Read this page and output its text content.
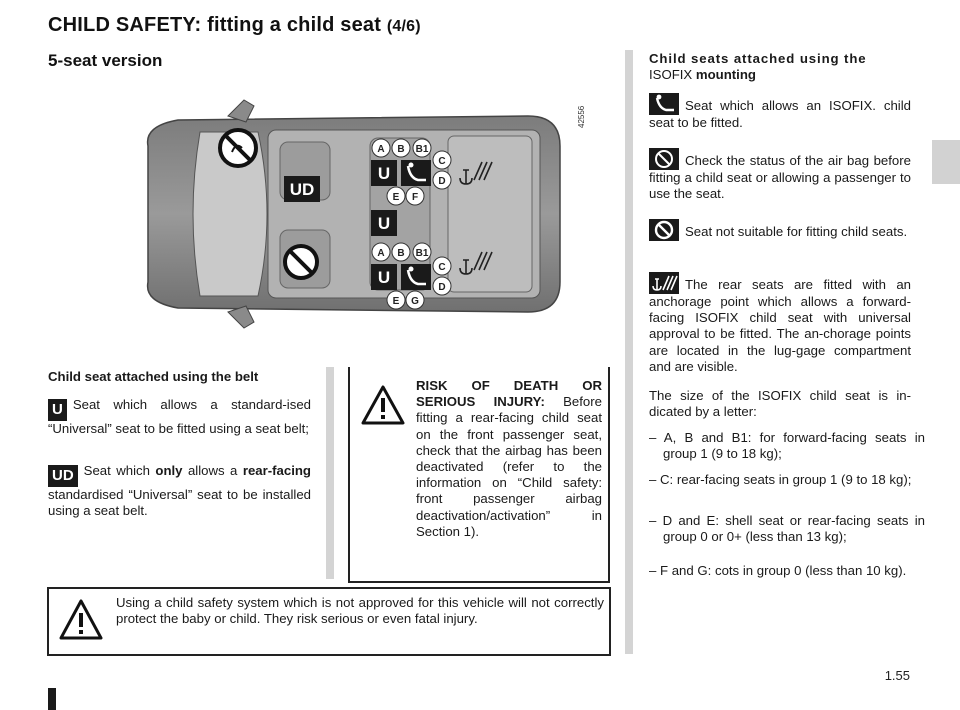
CHILD SAFETY: fitting a child seat (4/6)
5-seat version
UD
U
A B B1
C
D
E F
U
A B B1
C
D
E G
U
42556
Child seat attached using the belt
U Seat which allows a standard-ised “Universal” seat to be fitted using a seat belt;
UD Seat which only allows a rear-facing standardised “Universal” seat to be installed using a seat belt.
RISK OF DEATH OR SERIOUS INJURY: Before fitting a rear-facing child seat on the front passenger seat, check that the airbag has been deactivated (refer to the information on “Child safety: front passenger airbag deactivation/activation” in Section 1).
Using a child safety system which is not approved for this vehicle will not correctly protect the baby or child. They risk serious or even fatal injury.
Child seats attached using the
ISOFIX mounting
Seat which allows an ISOFIX. child seat to be fitted.
Check the status of the air bag before fitting a child seat or allowing a passenger to use the seat.
Seat not suitable for fitting child seats.
The rear seats are fitted with an anchorage point which allows a forward-facing ISOFIX child seat with universal approval to be fitted. The an-chorage points are located in the lug-gage compartment and are visible.
The size of the ISOFIX child seat is in-dicated by a letter:
– A, B and B1: for forward-facing seats in group 1 (9 to 18 kg);
– C: rear-facing seats in group 1 (9 to 18 kg);
– D and E: shell seat or rear-facing seats in group 0 or 0+ (less than 13 kg);
– F and G: cots in group 0 (less than 10 kg).
1.55
